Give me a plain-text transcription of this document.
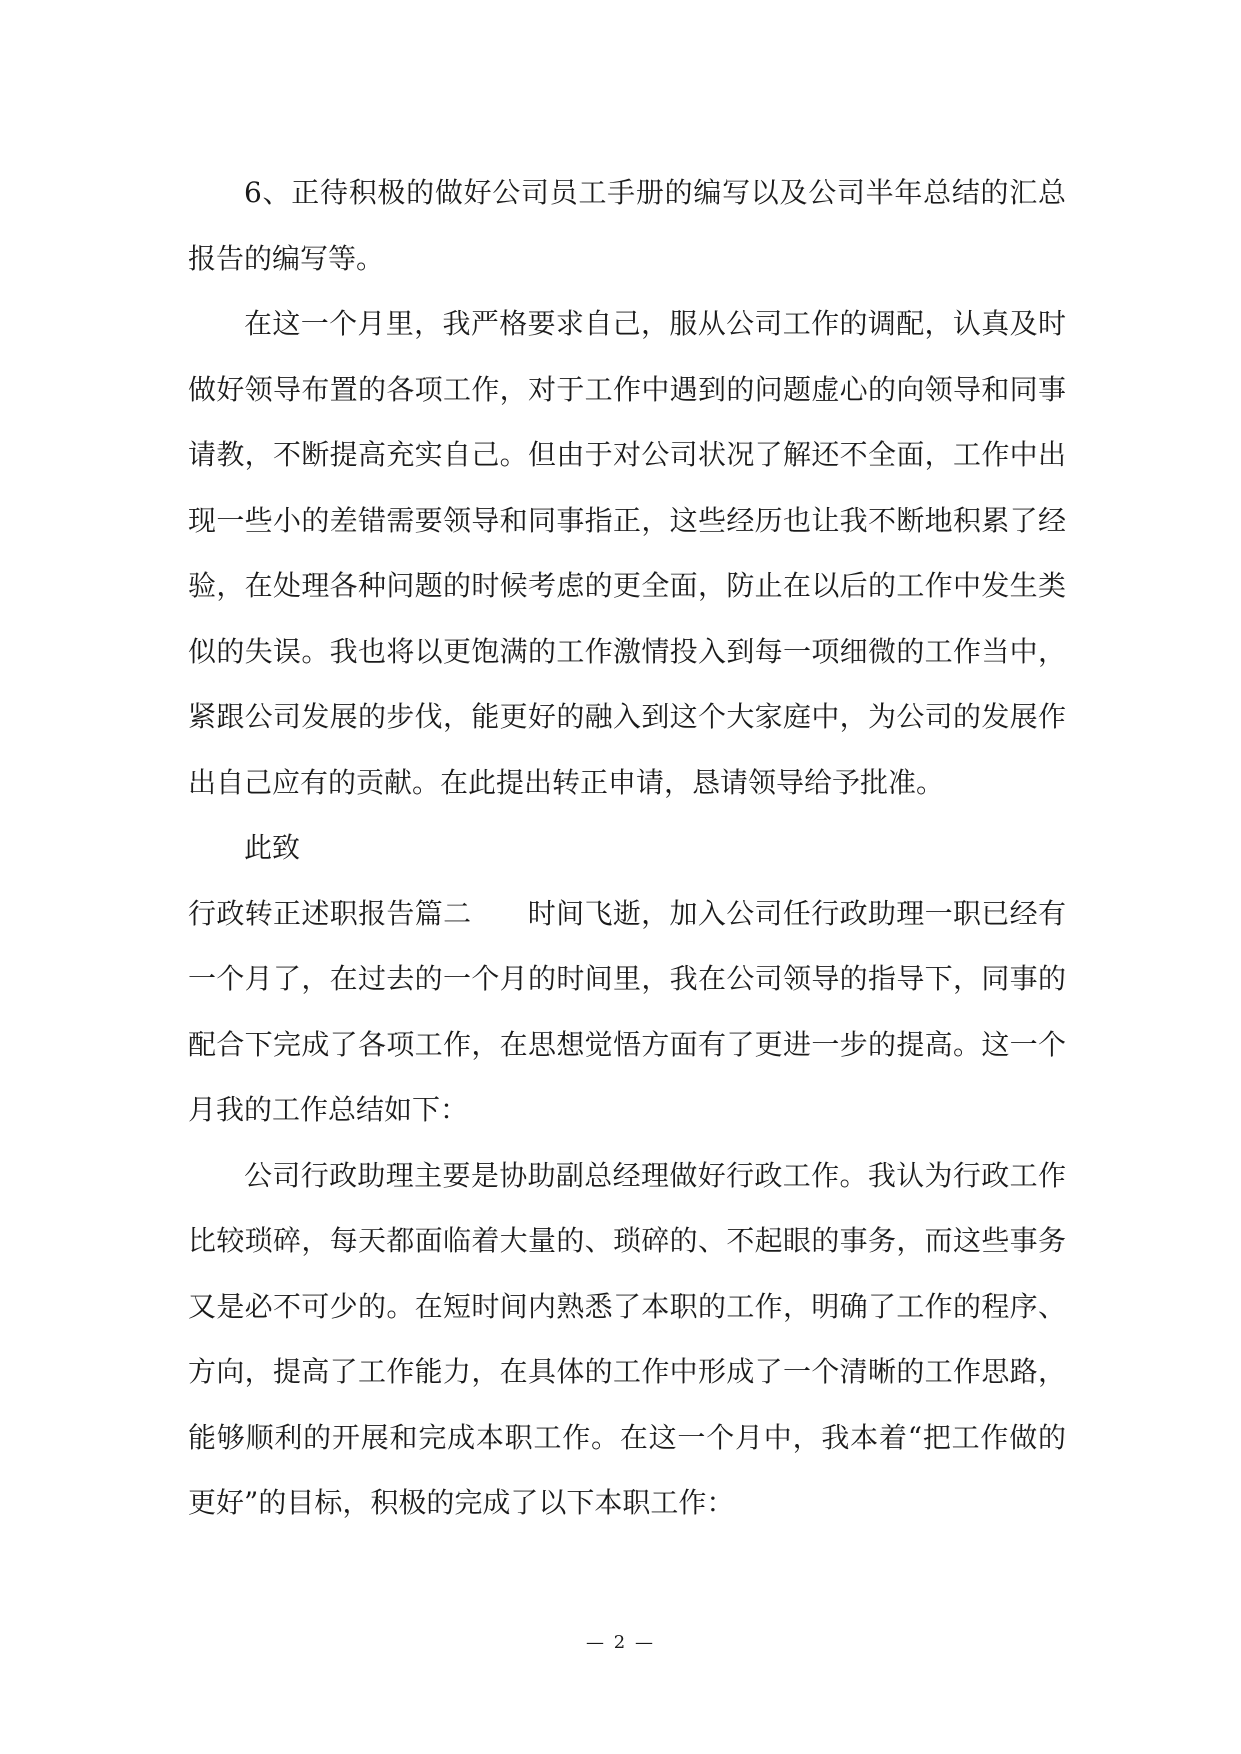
6、正待积极的做好公司员工手册的编写以及公司半年总结的汇总报告的编写等。

在这一个月里，我严格要求自己，服从公司工作的调配，认真及时做好领导布置的各项工作，对于工作中遇到的问题虚心的向领导和同事请教，不断提高充实自己。但由于对公司状况了解还不全面，工作中出现一些小的差错需要领导和同事指正，这些经历也让我不断地积累了经验，在处理各种问题的时候考虑的更全面，防止在以后的工作中发生类似的失误。我也将以更饱满的工作激情投入到每一项细微的工作当中，紧跟公司发展的步伐，能更好的融入到这个大家庭中，为公司的发展作出自己应有的贡献。在此提出转正申请，恳请领导给予批准。

此致

行政转正述职报告篇二 时间飞逝，加入公司任行政助理一职已经有一个月了，在过去的一个月的时间里，我在公司领导的指导下，同事的配合下完成了各项工作，在思想觉悟方面有了更进一步的提高。这一个月我的工作总结如下：

公司行政助理主要是协助副总经理做好行政工作。我认为行政工作比较琐碎，每天都面临着大量的、琐碎的、不起眼的事务，而这些事务又是必不可少的。在短时间内熟悉了本职的工作，明确了工作的程序、方向，提高了工作能力，在具体的工作中形成了一个清晰的工作思路，能够顺利的开展和完成本职工作。在这一个月中，我本着“把工作做的更好”的目标，积极的完成了以下本职工作：

— 2 —
